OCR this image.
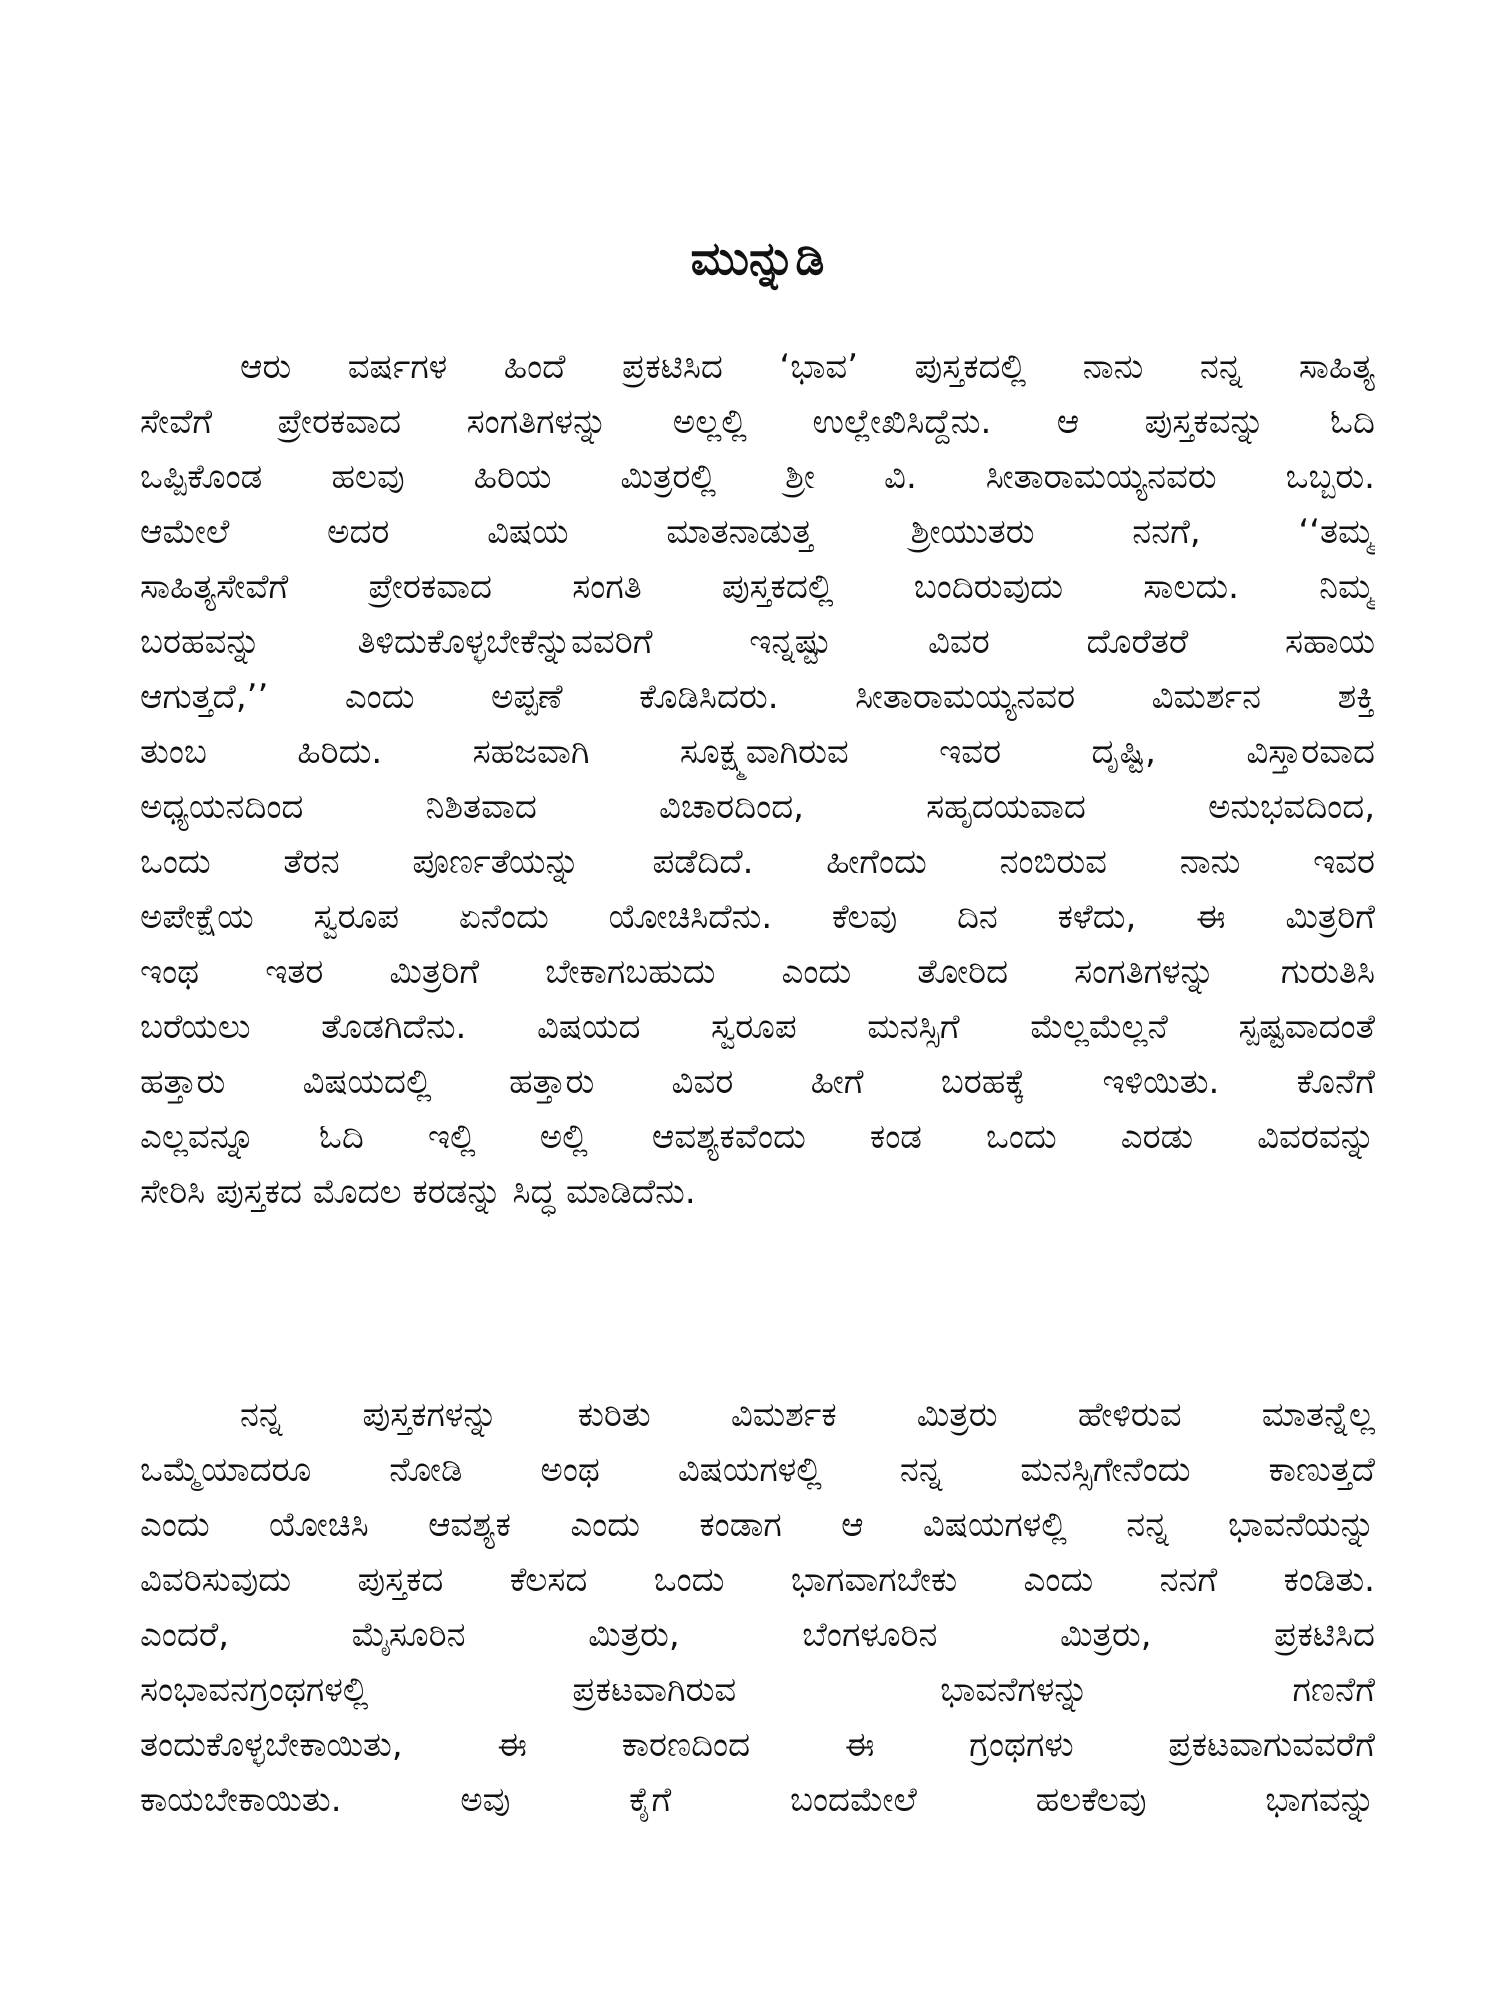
ಮುನ್ನುಡಿ
ಆರು ವರ್ಷಗಳ ಹಿಂದೆ ಪ್ರಕಟಿಸಿದ ‘ಭಾವ’ ಪುಸ್ತಕದಲ್ಲಿ ನಾನು ನನ್ನ ಸಾಹಿತ್ಯ
ಸೇವೆಗೆ ಪ್ರೇರಕವಾದ ಸಂಗತಿಗಳನ್ನು ಅಲ್ಲಲ್ಲಿ ಉಲ್ಲೇಖಿಸಿದ್ದೆನು. ಆ ಪುಸ್ತಕವನ್ನು ಓದಿ
ಒಪ್ಪಿಕೊಂಡ ಹಲವು ಹಿರಿಯ ಮಿತ್ರರಲ್ಲಿ ಶ್ರೀ ವಿ. ಸೀತಾರಾಮಯ್ಯನವರು ಒಬ್ಬರು.
ಆಮೇಲೆ ಅದರ ವಿಷಯ ಮಾತನಾಡುತ್ತ ಶ್ರೀಯುತರು ನನಗೆ, ‘‘ತಮ್ಮ
ಸಾಹಿತ್ಯಸೇವೆಗೆ ಪ್ರೇರಕವಾದ ಸಂಗತಿ ಪುಸ್ತಕದಲ್ಲಿ ಬಂದಿರುವುದು ಸಾಲದು. ನಿಮ್ಮ
ಬರಹವನ್ನು ತಿಳಿದುಕೊಳ್ಳಬೇಕೆನ್ನುವವರಿಗೆ ಇನ್ನಷ್ಟು ವಿವರ ದೊರೆತರೆ ಸಹಾಯ
ಆಗುತ್ತದೆ,’’ ಎಂದು ಅಪ್ಪಣೆ ಕೊಡಿಸಿದರು. ಸೀತಾರಾಮಯ್ಯನವರ ವಿಮರ್ಶನ ಶಕ್ತಿ
ತುಂಬ ಹಿರಿದು. ಸಹಜವಾಗಿ ಸೂಕ್ಷ್ಮವಾಗಿರುವ ಇವರ ದೃಷ್ಟಿ, ವಿಸ್ತಾರವಾದ
ಅಧ್ಯಯನದಿಂದ ನಿಶಿತವಾದ ವಿಚಾರದಿಂದ, ಸಹೃದಯವಾದ ಅನುಭವದಿಂದ,
ಒಂದು ತೆರನ ಪೂರ್ಣತೆಯನ್ನು ಪಡೆದಿದೆ. ಹೀಗೆಂದು ನಂಬಿರುವ ನಾನು ಇವರ
ಅಪೇಕ್ಷೆಯ ಸ್ವರೂಪ ಏನೆಂದು ಯೋಚಿಸಿದೆನು. ಕೆಲವು ದಿನ ಕಳೆದು, ಈ ಮಿತ್ರರಿಗೆ
ಇಂಥ ಇತರ ಮಿತ್ರರಿಗೆ ಬೇಕಾಗಬಹುದು ಎಂದು ತೋರಿದ ಸಂಗತಿಗಳನ್ನು ಗುರುತಿಸಿ
ಬರೆಯಲು ತೊಡಗಿದೆನು. ವಿಷಯದ ಸ್ವರೂಪ ಮನಸ್ಸಿಗೆ ಮೆಲ್ಲಮೆಲ್ಲನೆ ಸ್ಪಷ್ಟವಾದಂತೆ
ಹತ್ತಾರು ವಿಷಯದಲ್ಲಿ ಹತ್ತಾರು ವಿವರ ಹೀಗೆ ಬರಹಕ್ಕೆ ಇಳಿಯಿತು. ಕೊನೆಗೆ
ಎಲ್ಲವನ್ನೂ ಓದಿ ಇಲ್ಲಿ ಅಲ್ಲಿ ಆವಶ್ಯಕವೆಂದು ಕಂಡ ಒಂದು ಎರಡು ವಿವರವನ್ನು
ಸೇರಿಸಿ ಪುಸ್ತಕದ ಮೊದಲ ಕರಡನ್ನು ಸಿದ್ಧ ಮಾಡಿದೆನು.
ನನ್ನ ಪುಸ್ತಕಗಳನ್ನು ಕುರಿತು ವಿಮರ್ಶಕ ಮಿತ್ರರು ಹೇಳಿರುವ ಮಾತನ್ನೆಲ್ಲ
ಒಮ್ಮೆಯಾದರೂ ನೋಡಿ ಅಂಥ ವಿಷಯಗಳಲ್ಲಿ ನನ್ನ ಮನಸ್ಸಿಗೇನೆಂದು ಕಾಣುತ್ತದೆ
ಎಂದು ಯೋಚಿಸಿ ಆವಶ್ಯಕ ಎಂದು ಕಂಡಾಗ ಆ ವಿಷಯಗಳಲ್ಲಿ ನನ್ನ ಭಾವನೆಯನ್ನು
ವಿವರಿಸುವುದು ಪುಸ್ತಕದ ಕೆಲಸದ ಒಂದು ಭಾಗವಾಗಬೇಕು ಎಂದು ನನಗೆ ಕಂಡಿತು.
ಎಂದರೆ, ಮೈಸೂರಿನ ಮಿತ್ರರು, ಬೆಂಗಳೂರಿನ ಮಿತ್ರರು, ಪ್ರಕಟಿಸಿದ
ಸಂಭಾವನಗ್ರಂಥಗಳಲ್ಲಿ ಪ್ರಕಟವಾಗಿರುವ ಭಾವನೆಗಳನ್ನು ಗಣನೆಗೆ
ತಂದುಕೊಳ್ಳಬೇಕಾಯಿತು, ಈ ಕಾರಣದಿಂದ ಈ ಗ್ರಂಥಗಳು ಪ್ರಕಟವಾಗುವವರೆಗೆ
ಕಾಯಬೇಕಾಯಿತು. ಅವು ಕೈಗೆ ಬಂದಮೇಲೆ ಹಲಕೆಲವು ಭಾಗವನ್ನು
